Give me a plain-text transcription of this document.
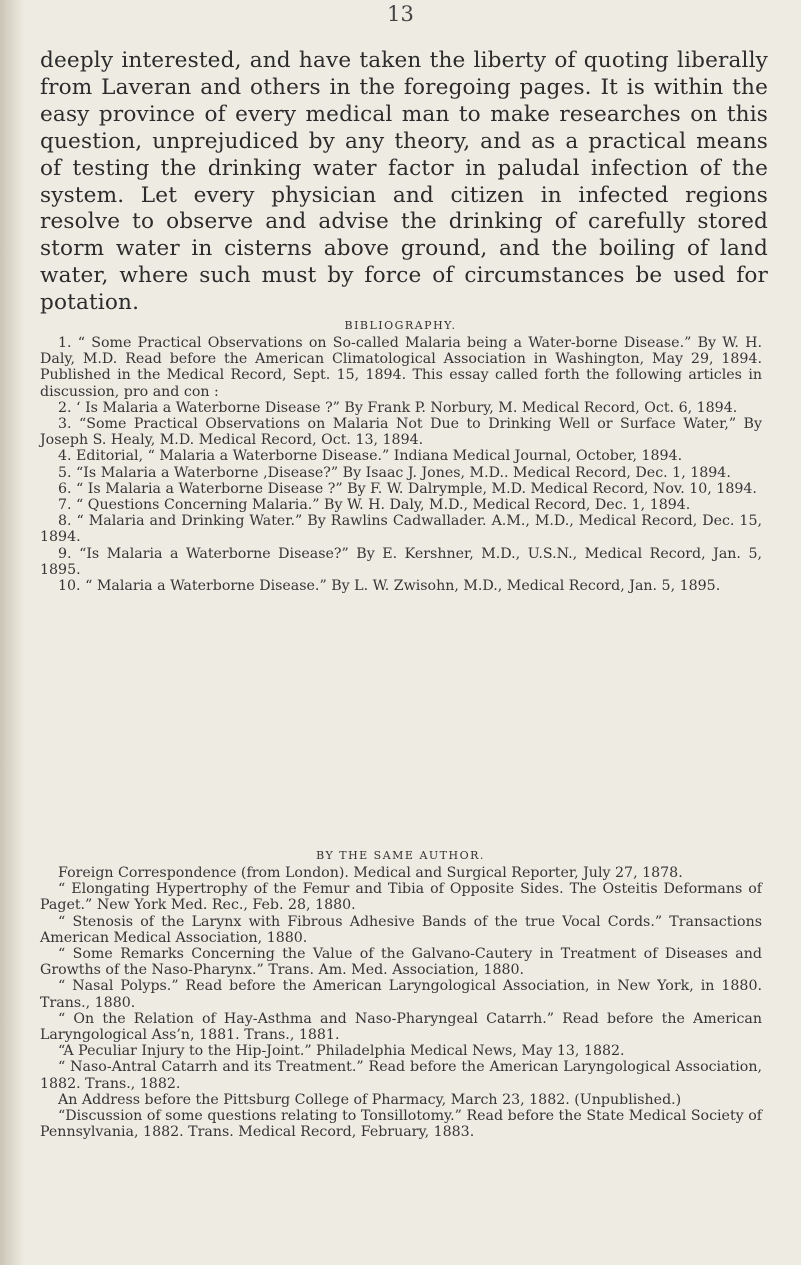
13

deeply interested, and have taken the liberty of quoting liberally from Laveran and others in the foregoing pages. It is within the easy province of every medical man to make researches on this question, unprejudiced by any theory, and as a practical means of testing the drinking water factor in paludal infection of the system. Let every physician and citizen in infected regions resolve to observe and advise the drinking of carefully stored storm water in cisterns above ground, and the boiling of land water, where such must by force of circumstances be used for potation.

BIBLIOGRAPHY.

1. “ Some Practical Observations on So-called Malaria being a Water-borne Disease.” By W. H. Daly, M.D. Read before the American Climatological Association in Washington, May 29, 1894. Published in the Medical Record, Sept. 15, 1894. This essay called forth the following articles in discussion, pro and con :

2. ‘ Is Malaria a Waterborne Disease ?” By Frank P. Norbury, M. Medical Record, Oct. 6, 1894.

3. “Some Practical Observations on Malaria Not Due to Drinking Well or Surface Water,” By Joseph S. Healy, M.D. Medical Record, Oct. 13, 1894.

4. Editorial, “ Malaria a Waterborne Disease.” Indiana Medical Journal, October, 1894.

5. “Is Malaria a Waterborne ,Disease?” By Isaac J. Jones, M.D.. Medical Record, Dec. 1, 1894.

6. “ Is Malaria a Waterborne Disease ?” By F. W. Dalrymple, M.D. Medical Record, Nov. 10, 1894.

7. “ Questions Concerning Malaria.” By W. H. Daly, M.D., Medical Record, Dec. 1, 1894.

8. “ Malaria and Drinking Water.” By Rawlins Cadwallader. A.M., M.D., Medical Record, Dec. 15, 1894.

9. “Is Malaria a Waterborne Disease?” By E. Kershner, M.D., U.S.N., Medical Record, Jan. 5, 1895.

10. “ Malaria a Waterborne Disease.” By L. W. Zwisohn, M.D., Medical Record, Jan. 5, 1895.

BY THE SAME AUTHOR.

Foreign Correspondence (from London). Medical and Surgical Reporter, July 27, 1878.

“ Elongating Hypertrophy of the Femur and Tibia of Opposite Sides. The Osteitis Deformans of Paget.” New York Med. Rec., Feb. 28, 1880.

“ Stenosis of the Larynx with Fibrous Adhesive Bands of the true Vocal Cords.” Transactions American Medical Association, 1880.

“ Some Remarks Concerning the Value of the Galvano-Cautery in Treatment of Diseases and Growths of the Naso-Pharynx.” Trans. Am. Med. Association, 1880.

“ Nasal Polyps.” Read before the American Laryngological Association, in New York, in 1880. Trans., 1880.

“ On the Relation of Hay-Asthma and Naso-Pharyngeal Catarrh.” Read before the American Laryngological Ass’n, 1881. Trans., 1881.

“A Peculiar Injury to the Hip-Joint.” Philadelphia Medical News, May 13, 1882.

“ Naso-Antral Catarrh and its Treatment.” Read before the American Laryngological Association, 1882. Trans., 1882.

An Address before the Pittsburg College of Pharmacy, March 23, 1882. (Unpublished.)

“Discussion of some questions relating to Tonsillotomy.” Read before the State Medical Society of Pennsylvania, 1882. Trans. Medical Record, February, 1883.
